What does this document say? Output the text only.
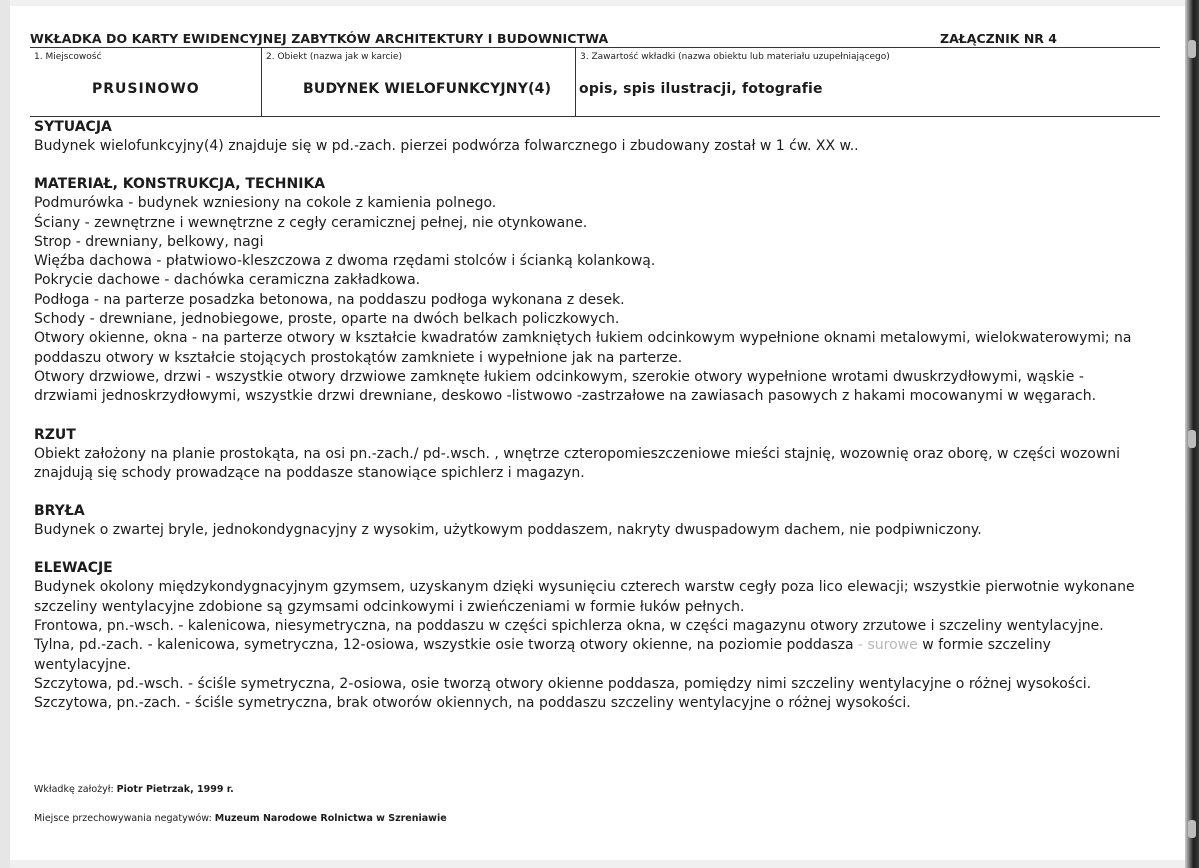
WKŁADKA DO KARTY EWIDENCYJNEJ ZABYTKÓW ARCHITEKTURY I BUDOWNICTWA	ZAŁĄCZNIK NR 4
1. Miejscowość
PRUSINOWO
2. Obiekt (nazwa jak w karcie)
BUDYNEK WIELOFUNKCYJNY(4)
3. Zawartość wkładki (nazwa obiektu lub materiału uzupełniającego)
opis, spis ilustracji, fotografie
SYTUACJA

Budynek wielofunkcyjny(4) znajduje się w pd.-zach. pierzei podwórza folwarcznego i zbudowany został w 1 ćw. XX w..

MATERIAŁ, KONSTRUKCJA, TECHNIKA

Podmurówka - budynek wzniesiony na cokole z kamienia polnego.

Ściany - zewnętrzne i wewnętrzne z cegły ceramicznej pełnej, nie otynkowane.

Strop - drewniany, belkowy, nagi

Więźba dachowa - płatwiowo-kleszczowa z dwoma rzędami stolców i ścianką kolankową.

Pokrycie dachowe - dachówka ceramiczna zakładkowa.

Podłoga - na parterze posadzka betonowa, na poddaszu podłoga wykonana z desek.

Schody - drewniane, jednobiegowe, proste, oparte na dwóch belkach policzkowych.

Otwory okienne, okna - na parterze otwory w kształcie kwadratów zamkniętych łukiem odcinkowym wypełnione oknami metalowymi, wielokwaterowymi; na poddaszu otwory w kształcie stojących prostokątów zamkniete i wypełnione jak na parterze.

Otwory drzwiowe, drzwi - wszystkie otwory drzwiowe zamknęte łukiem odcinkowym, szerokie otwory wypełnione wrotami dwuskrzydłowymi, wąskie - drzwiami jednoskrzydłowymi, wszystkie drzwi drewniane, deskowo -listwowo -zastrzałowe na zawiasach pasowych z hakami mocowanymi w węgarach.

RZUT

Obiekt założony na planie prostokąta, na osi pn.-zach./ pd-.wsch. , wnętrze czteropomieszczeniowe mieści stajnię, wozownię oraz oborę, w części wozowni znajdują się schody prowadzące na poddasze stanowiące spichlerz i magazyn.

BRYŁA

Budynek o zwartej bryle, jednokondygnacyjny z wysokim, użytkowym poddaszem, nakryty dwuspadowym dachem, nie podpiwniczony.

ELEWACJE

Budynek okolony międzykondygnacyjnym gzymsem, uzyskanym dzięki wysunięciu czterech warstw cegły poza lico elewacji; wszystkie pierwotnie wykonane szczeliny wentylacyjne zdobione są gzymsami odcinkowymi i zwieńczeniami w formie łuków pełnych.

Frontowa, pn.-wsch. - kalenicowa, niesymetryczna, na poddaszu w części spichlerza okna, w części magazynu otwory zrzutowe i szczeliny wentylacyjne.

Tylna, pd.-zach. - kalenicowa, symetryczna, 12-osiowa, wszystkie osie tworzą otwory okienne, na poziomie poddasza - surowe w formie szczeliny wentylacyjne.

Szczytowa, pd.-wsch. - ściśle symetryczna, 2-osiowa, osie tworzą otwory okienne poddasza, pomiędzy nimi szczeliny wentylacyjne o różnej wysokości.

Szczytowa, pn.-zach. - ściśle symetryczna, brak otworów okiennych, na poddaszu szczeliny wentylacyjne o różnej wysokości.

Wkładkę założył: Piotr Pietrzak, 1999 r.
Miejsce przechowywania negatywów: Muzeum Narodowe Rolnictwa w Szreniawie
